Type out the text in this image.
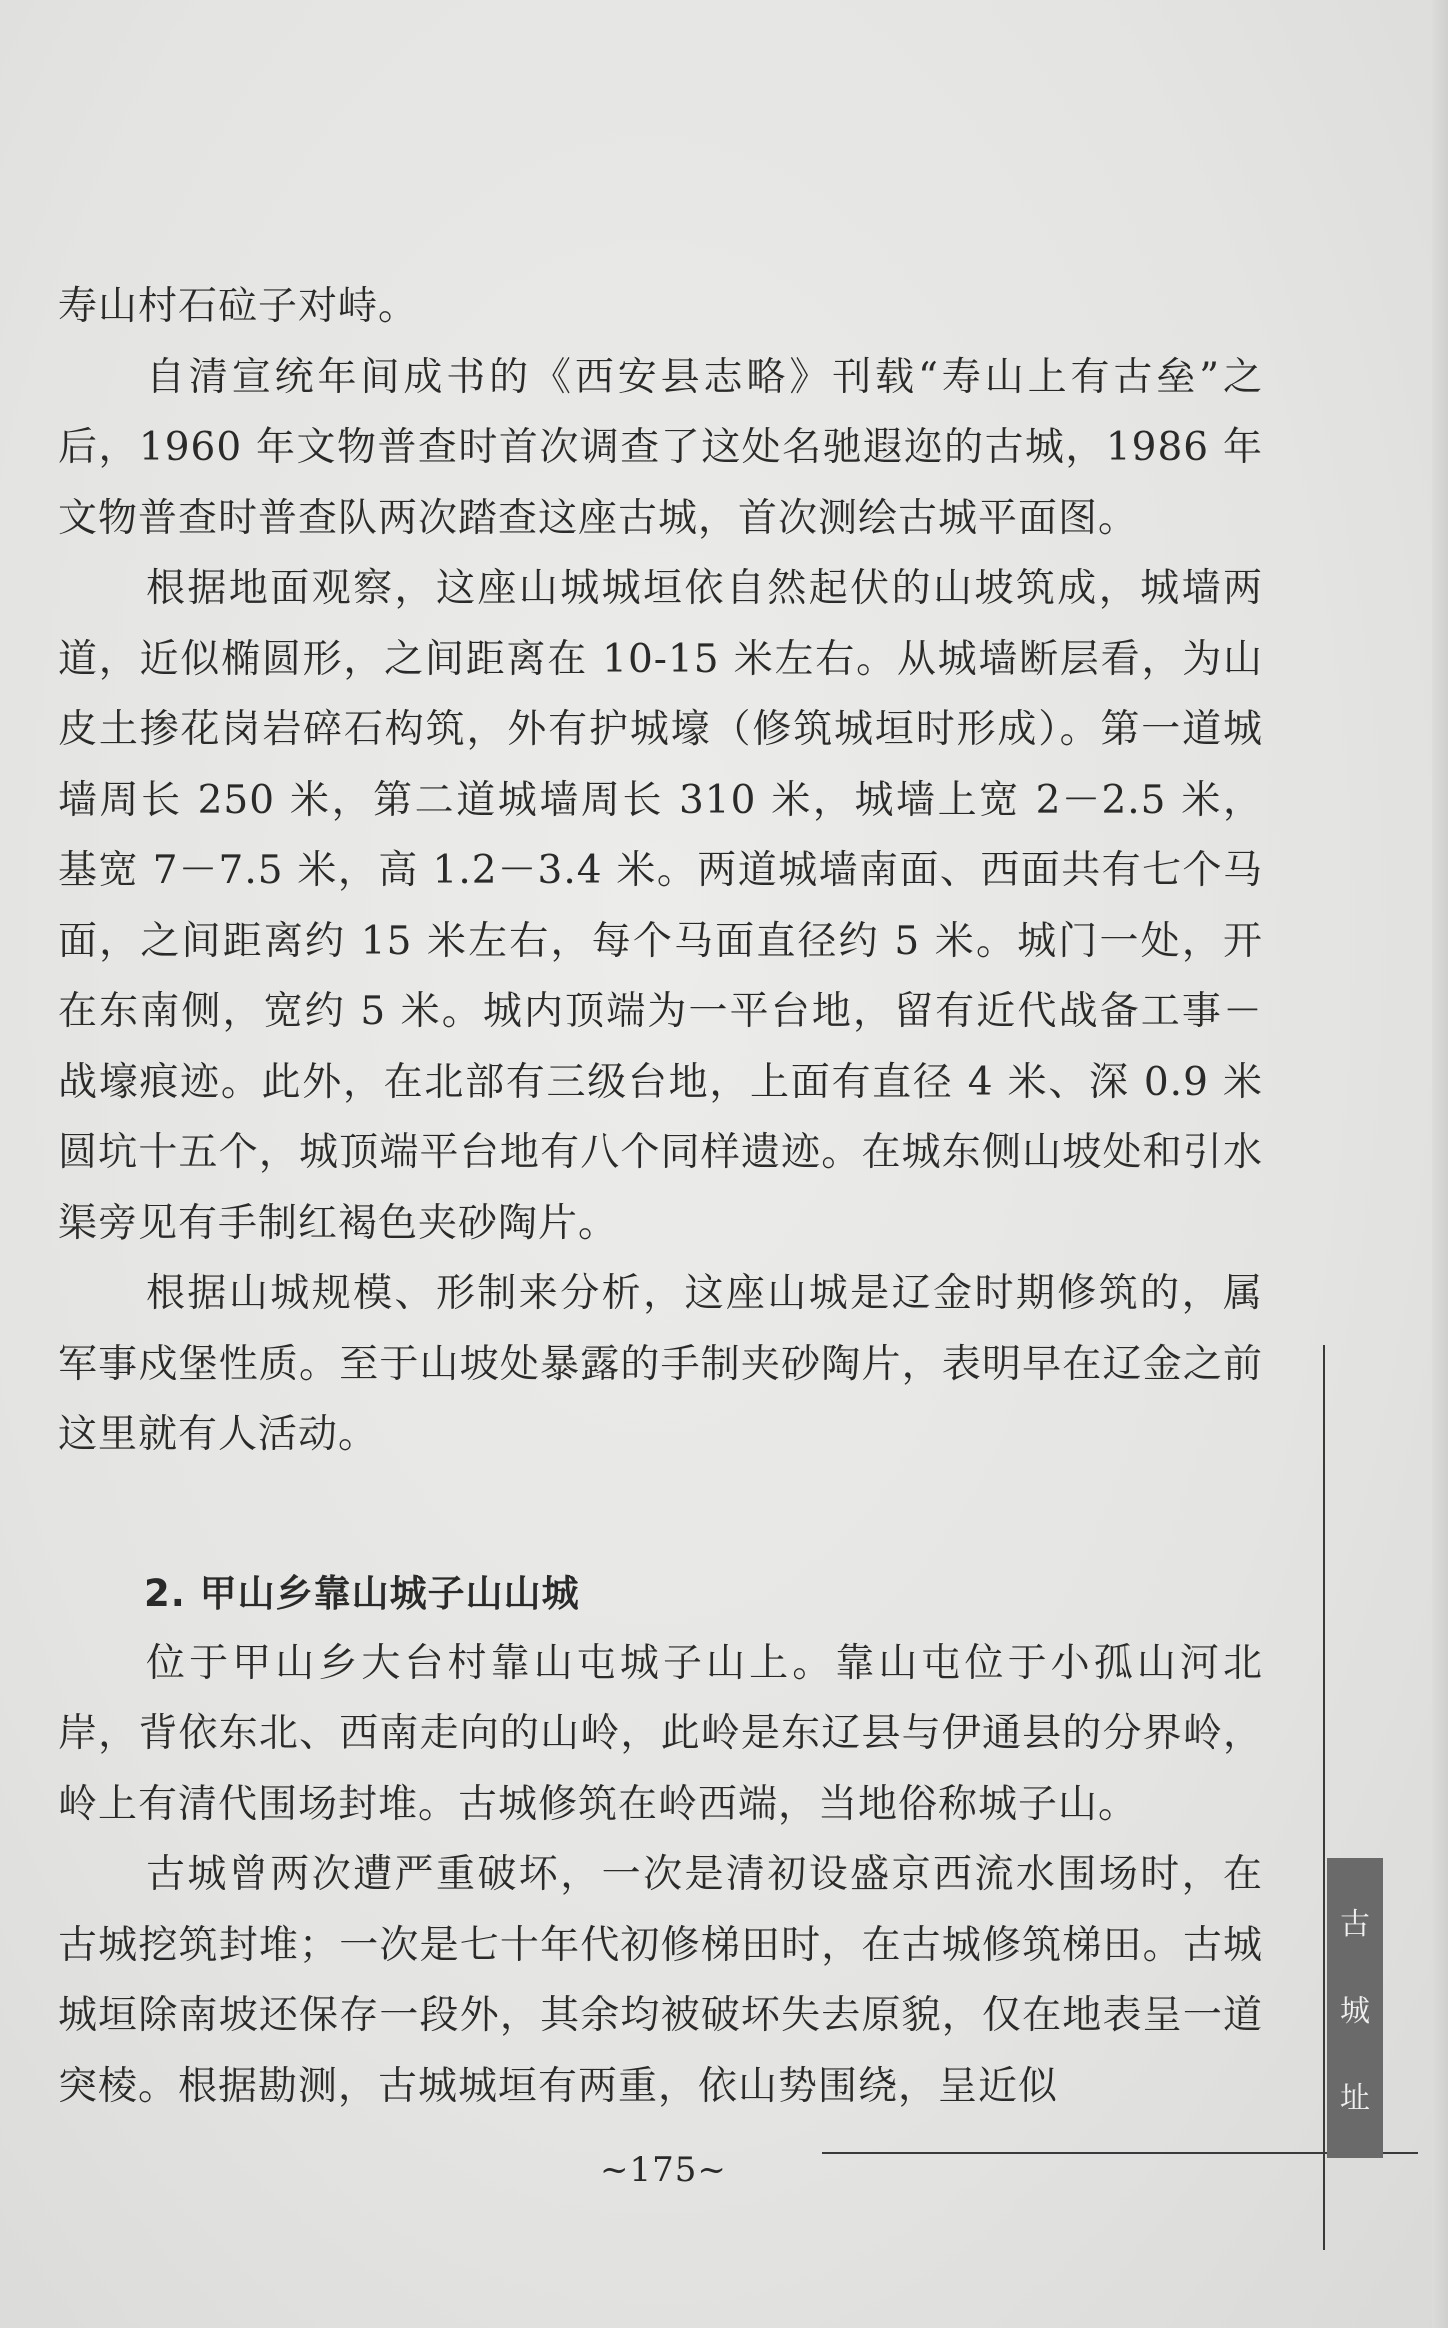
寿山村石砬子对峙。

自清宣统年间成书的《西安县志略》刊载“寿山上有古垒”之后，1960 年文物普查时首次调查了这处名驰遐迩的古城，1986 年文物普查时普查队两次踏查这座古城，首次测绘古城平面图。

根据地面观察，这座山城城垣依自然起伏的山坡筑成，城墙两道，近似椭圆形，之间距离在 10-15 米左右。从城墙断层看，为山皮土掺花岗岩碎石构筑，外有护城壕（修筑城垣时形成）。第一道城墙周长 250 米，第二道城墙周长 310 米，城墙上宽 2－2.5 米，基宽 7－7.5 米，高 1.2－3.4 米。两道城墙南面、西面共有七个马面，之间距离约 15 米左右，每个马面直径约 5 米。城门一处，开在东南侧，宽约 5 米。城内顶端为一平台地，留有近代战备工事－战壕痕迹。此外，在北部有三级台地，上面有直径 4 米、深 0.9 米圆坑十五个，城顶端平台地有八个同样遗迹。在城东侧山坡处和引水渠旁见有手制红褐色夹砂陶片。

根据山城规模、形制来分析，这座山城是辽金时期修筑的，属军事戍堡性质。至于山坡处暴露的手制夹砂陶片，表明早在辽金之前这里就有人活动。

2. 甲山乡靠山城子山山城

位于甲山乡大台村靠山屯城子山上。靠山屯位于小孤山河北岸，背依东北、西南走向的山岭，此岭是东辽县与伊通县的分界岭，岭上有清代围场封堆。古城修筑在岭西端，当地俗称城子山。

古城曾两次遭严重破坏，一次是清初设盛京西流水围场时，在古城挖筑封堆；一次是七十年代初修梯田时，在古城修筑梯田。古城城垣除南坡还保存一段外，其余均被破坏失去原貌，仅在地表呈一道突棱。根据勘测，古城城垣有两重，依山势围绕，呈近似

古
城
址
~175~
